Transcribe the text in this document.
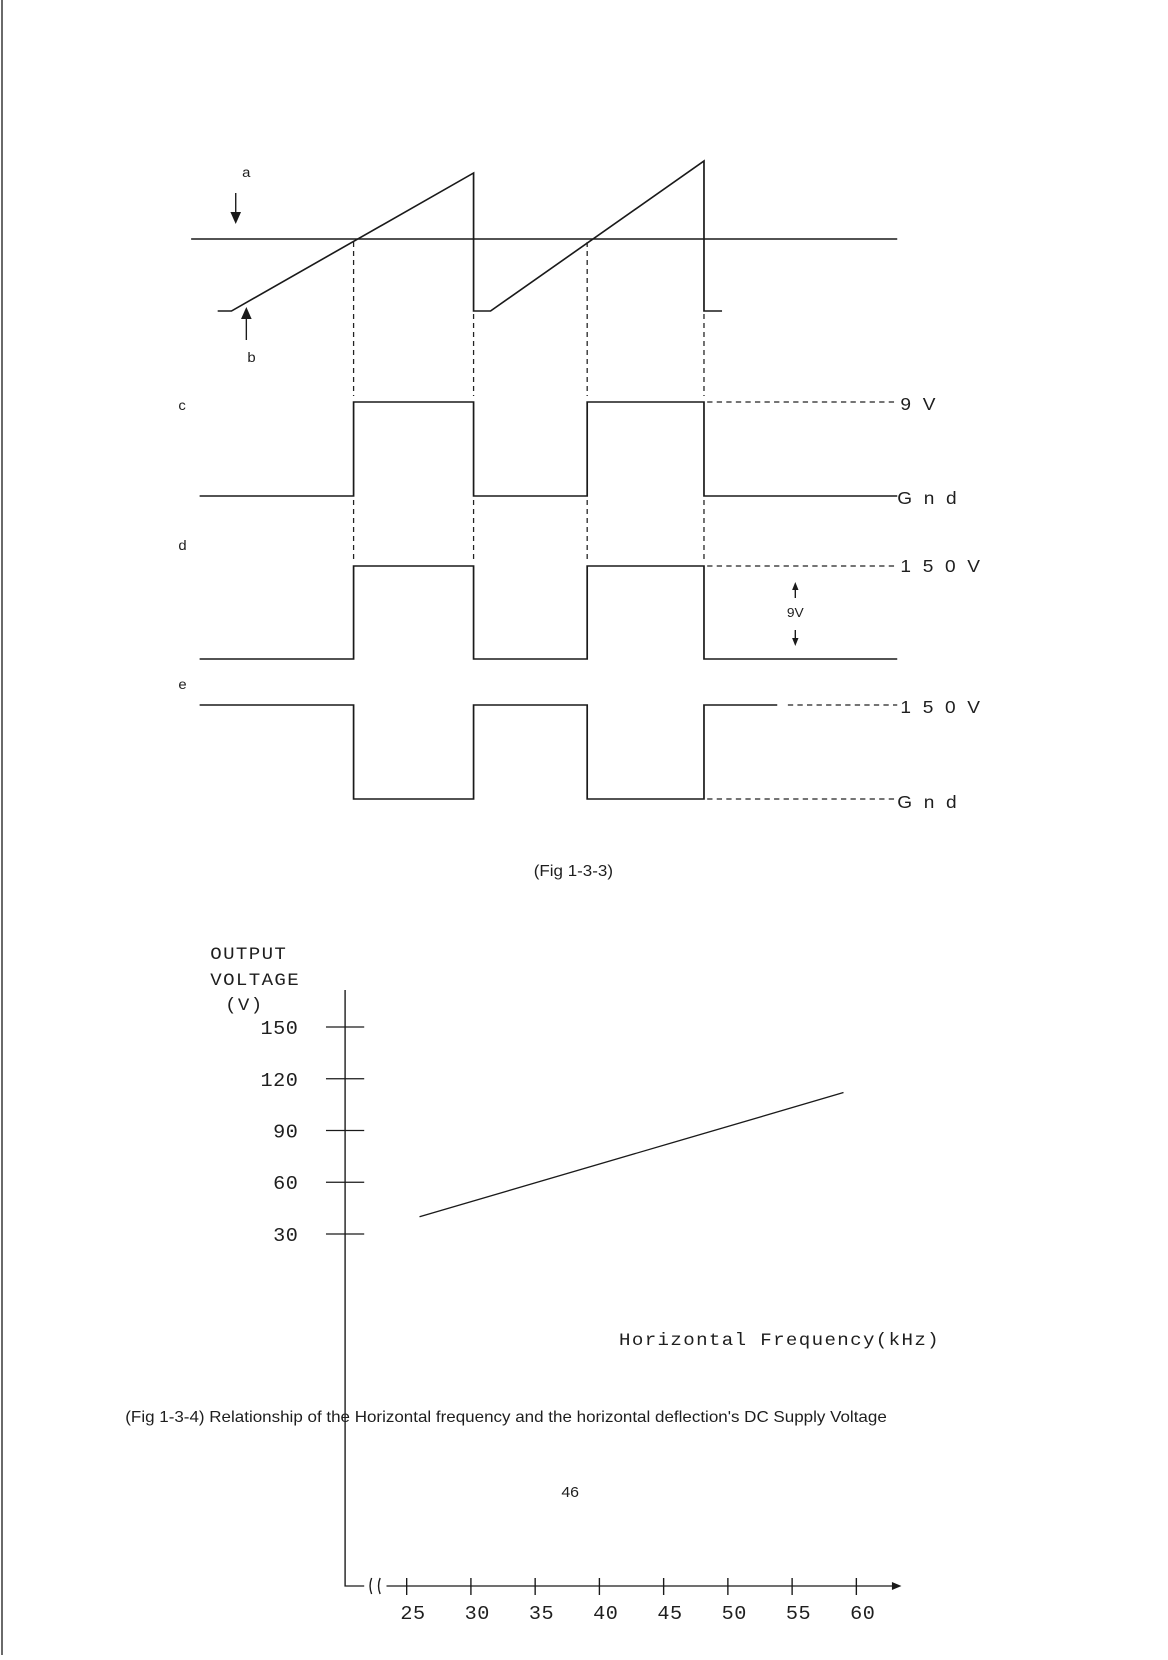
a
b
c	9 V
G n d
d
1 5 0 V
9V
e
1 5 0 V
G n d
(Fig 1-3-3)
OUTPUT
VOLTAGE
(V)
30
60
90
120
150
25 30 35 40 45 50 55 60
Horizontal Frequency(kHz)
(Fig 1-3-4) Relationship of the Horizontal frequency and the horizontal deflection's DC Supply Voltage
46
